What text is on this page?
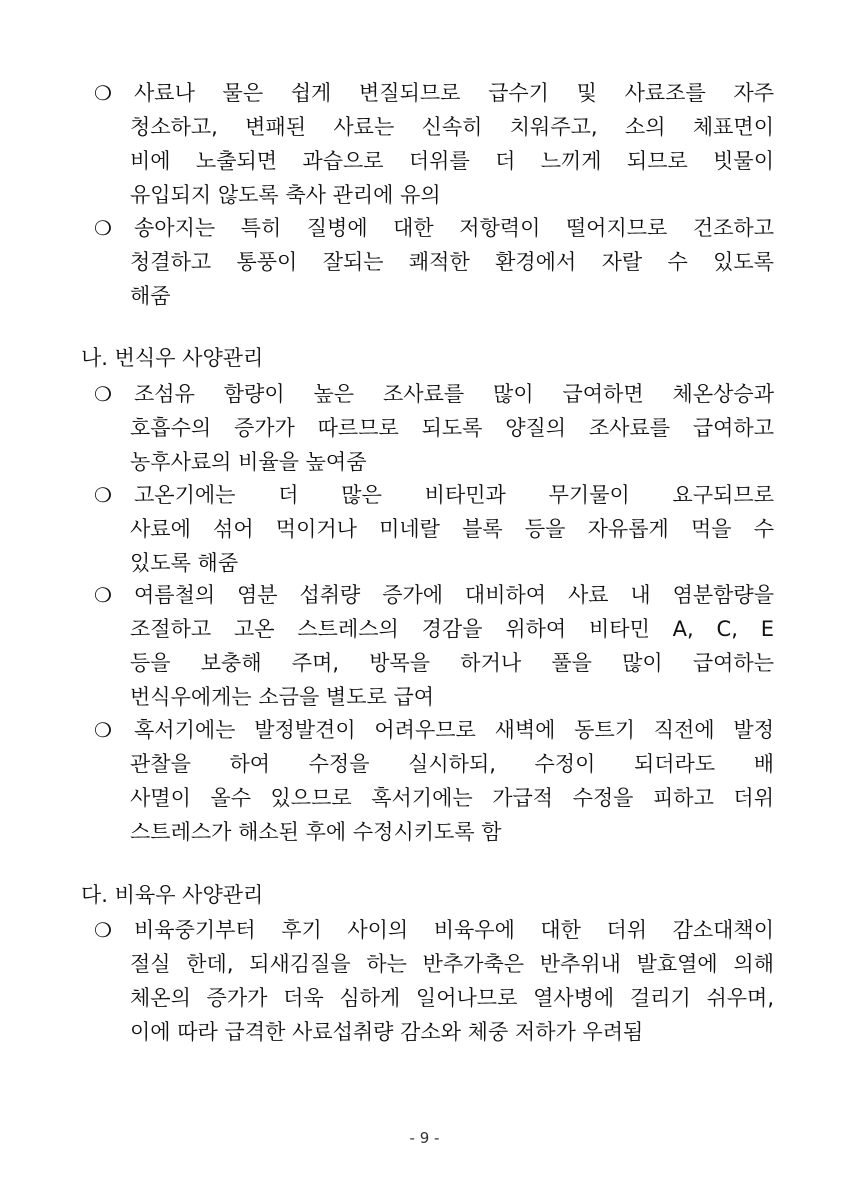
❍ 사료나 물은 쉽게 변질되므로 급수기 및 사료조를 자주
청소하고, 변패된 사료는 신속히 치워주고, 소의 체표면이
비에 노출되면 과습으로 더위를 더 느끼게 되므로 빗물이
유입되지 않도록 축사 관리에 유의
❍ 송아지는 특히 질병에 대한 저항력이 떨어지므로 건조하고
청결하고 통풍이 잘되는 쾌적한 환경에서 자랄 수 있도록
해줌
나. 번식우 사양관리
❍ 조섬유 함량이 높은 조사료를 많이 급여하면 체온상승과
호흡수의 증가가 따르므로 되도록 양질의 조사료를 급여하고
농후사료의 비율을 높여줌
❍ 고온기에는 더 많은 비타민과 무기물이 요구되므로
사료에 섞어 먹이거나 미네랄 블록 등을 자유롭게 먹을 수
있도록 해줌
❍ 여름철의 염분 섭취량 증가에 대비하여 사료 내 염분함량을
조절하고 고온 스트레스의 경감을 위하여 비타민 A, C, E
등을 보충해 주며, 방목을 하거나 풀을 많이 급여하는
번식우에게는 소금을 별도로 급여
❍ 혹서기에는 발정발견이 어려우므로 새벽에 동트기 직전에 발정
관찰을 하여 수정을 실시하되, 수정이 되더라도 배
사멸이 올수 있으므로 혹서기에는 가급적 수정을 피하고 더위
스트레스가 해소된 후에 수정시키도록 함
다. 비육우 사양관리
❍ 비육중기부터 후기 사이의 비육우에 대한 더위 감소대책이
절실 한데, 되새김질을 하는 반추가축은 반추위내 발효열에 의해
체온의 증가가 더욱 심하게 일어나므로 열사병에 걸리기 쉬우며,
이에 따라 급격한 사료섭취량 감소와 체중 저하가 우려됨
- 9 -
